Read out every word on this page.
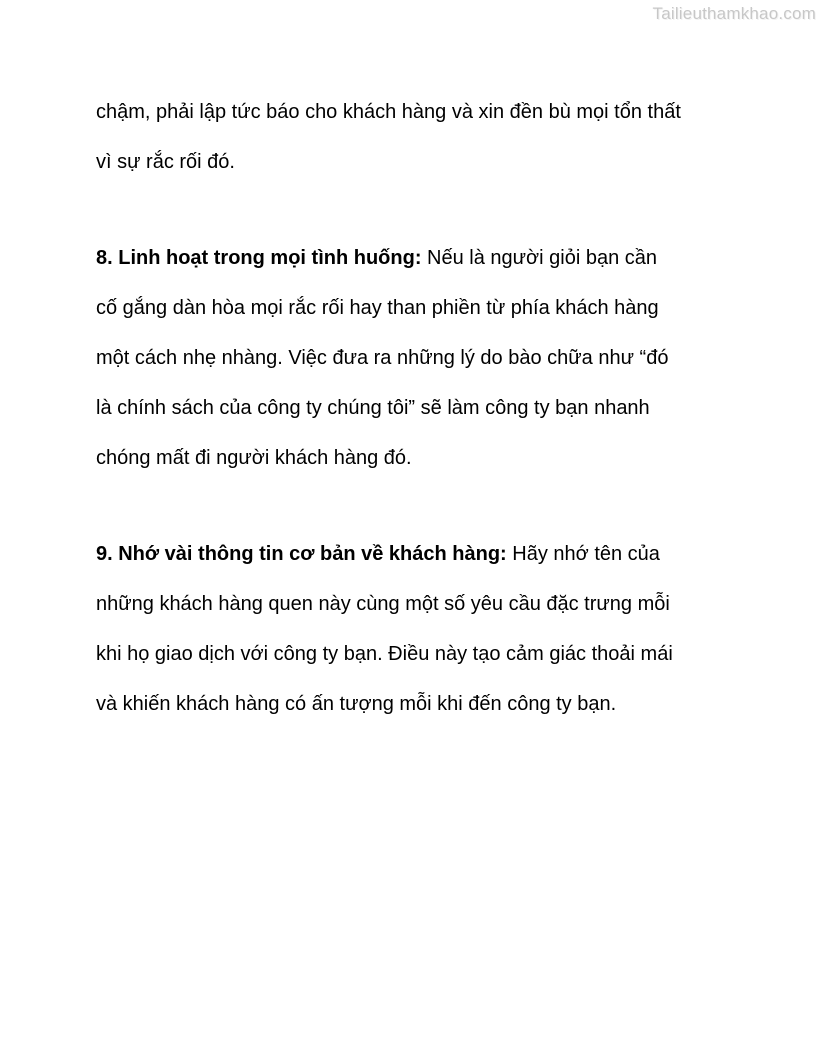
Tailieuthamkhao.com
chậm, phải lập tức báo cho khách hàng và xin đền bù mọi tổn thất
vì sự rắc rối đó.
8. Linh hoạt trong mọi tình huống: Nếu là người giỏi bạn cần
cố gắng dàn hòa mọi rắc rối hay than phiền từ phía khách hàng
một cách nhẹ nhàng. Việc đưa ra những lý do bào chữa như “đó
là chính sách của công ty chúng tôi” sẽ làm công ty bạn nhanh
chóng mất đi người khách hàng đó.
9. Nhớ vài thông tin cơ bản về khách hàng: Hãy nhớ tên của
những khách hàng quen này cùng một số yêu cầu đặc trưng mỗi
khi họ giao dịch với công ty bạn. Điều này tạo cảm giác thoải mái
và khiến khách hàng có ấn tượng mỗi khi đến công ty bạn.
